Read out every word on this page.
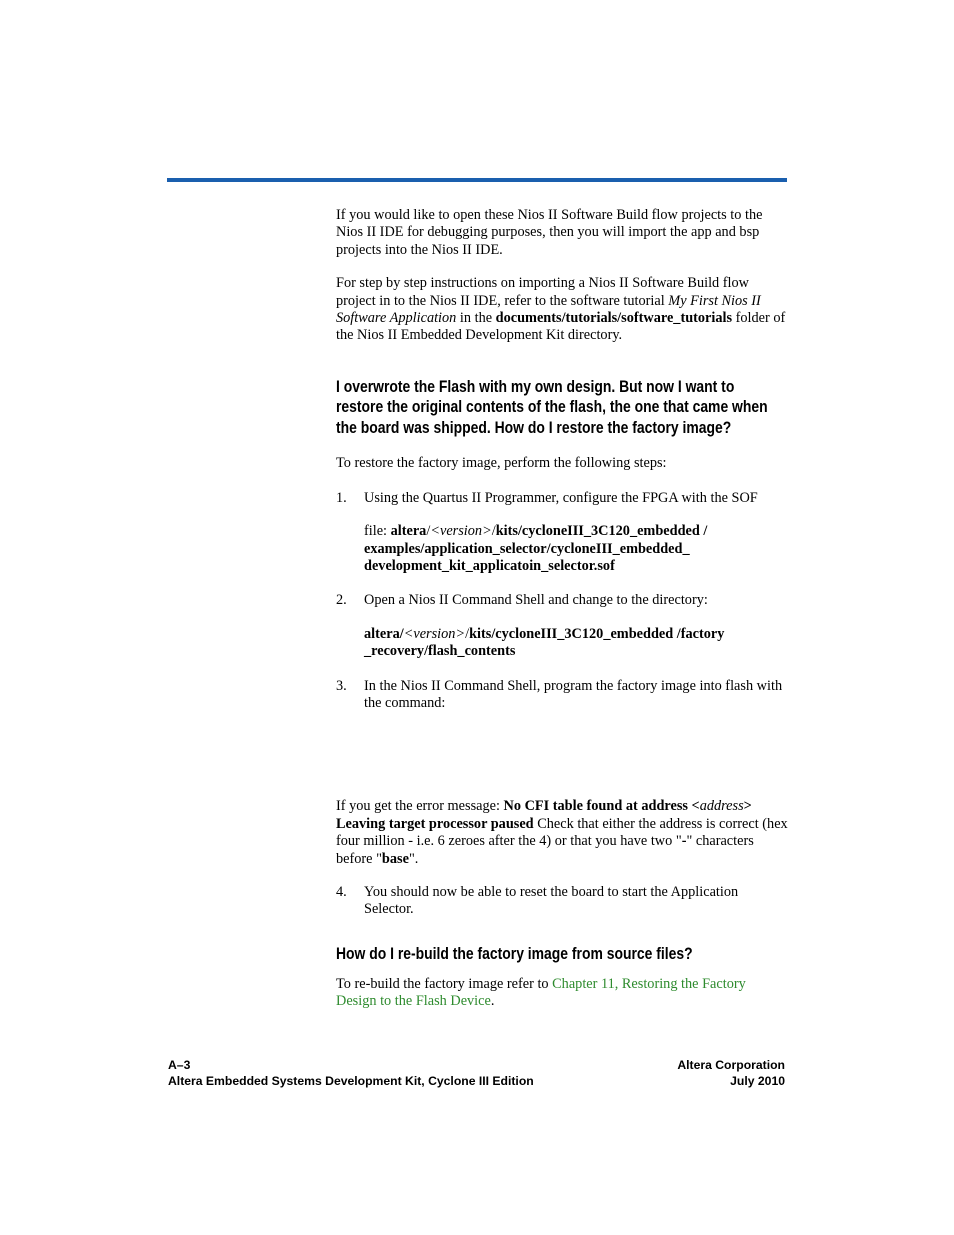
If you would like to open these Nios II Software Build flow projects to the Nios II IDE for debugging purposes, then you will import the app and bsp projects into the Nios II IDE.

For step by step instructions on importing a Nios II Software Build flow project in to the Nios II IDE, refer to the software tutorial My First Nios II Software Application in the documents/tutorials/software_tutorials folder of the Nios II Embedded Development Kit directory.

I overwrote the Flash with my own design. But now I want to restore the original contents of the flash, the one that came when the board was shipped. How do I restore the factory image?

To restore the factory image, perform the following steps:

1. Using the Quartus II Programmer, configure the FPGA with the SOF

file: altera/<version>/kits/cycloneIII_3C120_embedded / examples/application_selector/cycloneIII_embedded_ development_kit_applicatoin_selector.sof

2. Open a Nios II Command Shell and change to the directory:

altera/<version>/kits/cycloneIII_3C120_embedded /factory _recovery/flash_contents

3. In the Nios II Command Shell, program the factory image into flash with the command:

If you get the error message: No CFI table found at address <address> Leaving target processor paused Check that either the address is correct (hex four million - i.e. 6 zeroes after the 4) or that you have two "-" characters before "base".

4. You should now be able to reset the board to start the Application Selector.

How do I re-build the factory image from source files?

To re-build the factory image refer to Chapter 11, Restoring the Factory Design to the Flash Device.

A–3
Altera Embedded Systems Development Kit, Cyclone III Edition
Altera Corporation
July 2010
